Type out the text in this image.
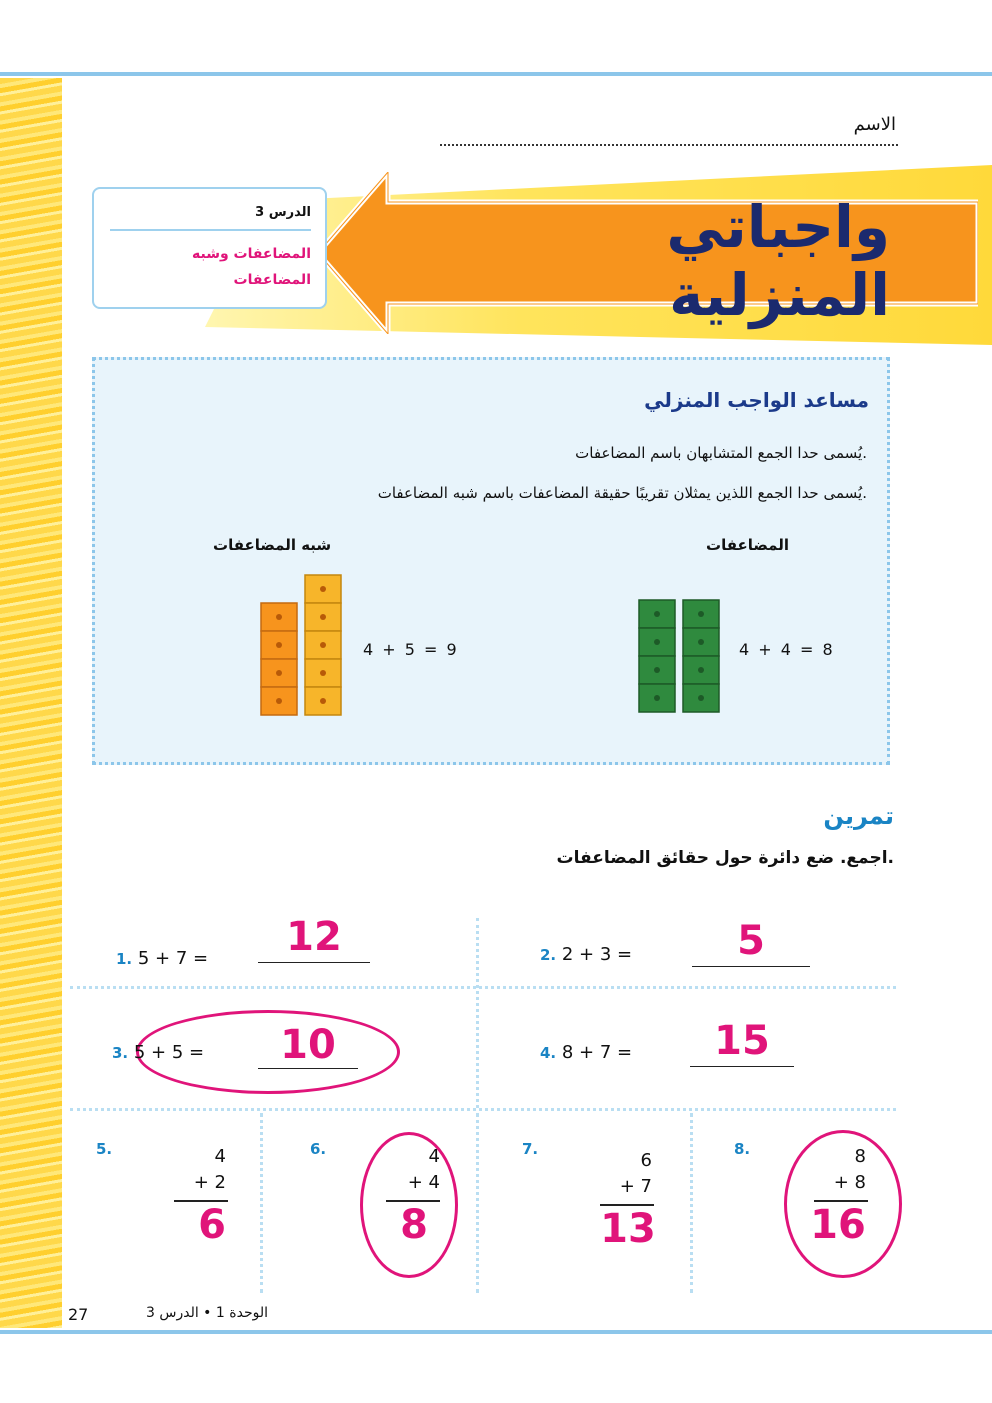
الاسم
واجباتي المنزلية
الدرس 3
المضاعفات وشبه المضاعفات
مساعد الواجب المنزلي
يُسمى حدا الجمع المتشابهان باسم المضاعفات.
يُسمى حدا الجمع اللذين يمثلان تقريبًا حقيقة المضاعفات باسم شبه المضاعفات.
المضاعفات
شبه المضاعفات
4 + 5 = 9	4 + 4 = 8
تمرين
اجمع. ضع دائرة حول حقائق المضاعفات.
1. 5 + 7 =	12	2. 2 + 3 =	5
3. 5 + 5 =	10	4. 8 + 7 =	15
5.	4
+ 2
6
6.	4
+ 4
8
7.
6
+ 7
13
8.	8
+ 8
16
27	الوحدة 1 • الدرس 3
